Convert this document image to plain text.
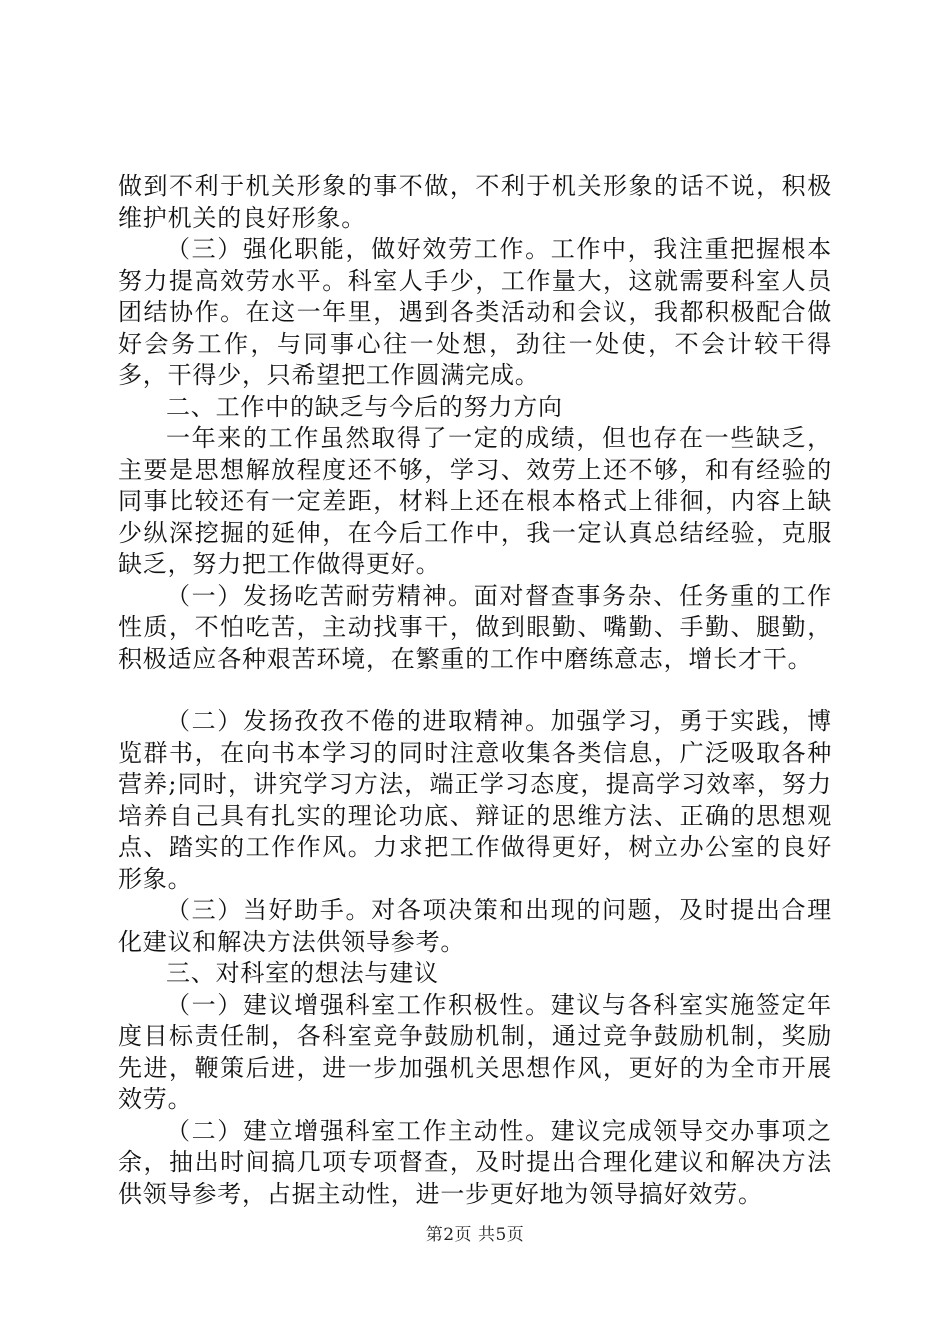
做到不利于机关形象的事不做，不利于机关形象的话不说，积极维护机关的良好形象。

（三）强化职能，做好效劳工作。工作中，我注重把握根本努力提高效劳水平。科室人手少，工作量大，这就需要科室人员团结协作。在这一年里，遇到各类活动和会议，我都积极配合做好会务工作，与同事心往一处想，劲往一处使，不会计较干得多，干得少，只希望把工作圆满完成。

二、工作中的缺乏与今后的努力方向

一年来的工作虽然取得了一定的成绩，但也存在一些缺乏，主要是思想解放程度还不够，学习、效劳上还不够，和有经验的同事比较还有一定差距，材料上还在根本格式上徘徊，内容上缺少纵深挖掘的延伸，在今后工作中，我一定认真总结经验，克服缺乏，努力把工作做得更好。

（一）发扬吃苦耐劳精神。面对督查事务杂、任务重的工作性质，不怕吃苦，主动找事干，做到眼勤、嘴勤、手勤、腿勤，积极适应各种艰苦环境，在繁重的工作中磨练意志，增长才干。

（二）发扬孜孜不倦的进取精神。加强学习，勇于实践，博览群书，在向书本学习的同时注意收集各类信息，广泛吸取各种营养;同时，讲究学习方法，端正学习态度，提高学习效率，努力培养自己具有扎实的理论功底、辩证的思维方法、正确的思想观点、踏实的工作作风。力求把工作做得更好，树立办公室的良好形象。

（三）当好助手。对各项决策和出现的问题，及时提出合理化建议和解决方法供领导参考。

三、对科室的想法与建议

（一）建议增强科室工作积极性。建议与各科室实施签定年度目标责任制，各科室竞争鼓励机制，通过竞争鼓励机制，奖励先进，鞭策后进，进一步加强机关思想作风，更好的为全市开展效劳。

（二）建立增强科室工作主动性。建议完成领导交办事项之余，抽出时间搞几项专项督查，及时提出合理化建议和解决方法供领导参考，占据主动性，进一步更好地为领导搞好效劳。

第2页 共5页
